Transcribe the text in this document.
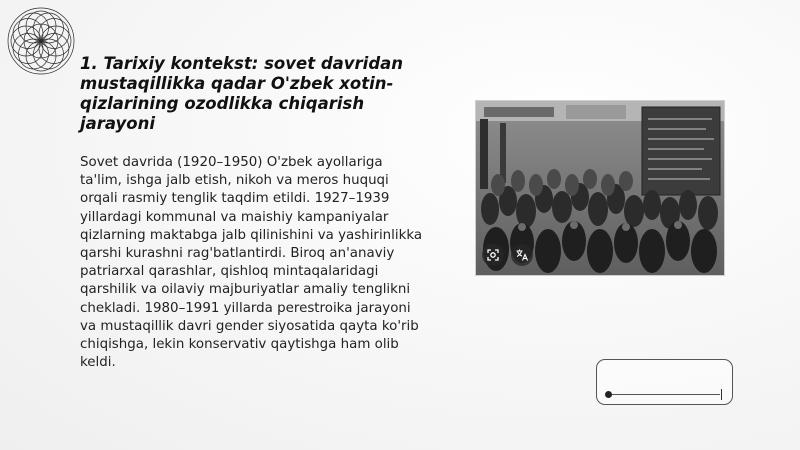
1. Tarixiy kontekst: sovet davridan mustaqillikka qadar O'zbek xotin-qizlarining ozodlikka chiqarish jarayoni

Sovet davrida (1920–1950) O'zbek ayollariga ta'lim, ishga jalb etish, nikoh va meros huquqi orqali rasmiy tenglik taqdim etildi. 1927–1939 yillardagi kommunal va maishiy kampaniyalar qizlarning maktabga jalb qilinishini va yashirinlikka qarshi kurashni rag'batlantirdi. Biroq an'anaviy patriarxal qarashlar, qishloq mintaqalaridagi qarshilik va oilaviy majburiyatlar amaliy tenglikni chekladi. 1980–1991 yillarda perestroika jarayoni va mustaqillik davri gender siyosatida qayta ko'rib chiqishga, lekin konservativ qaytishga ham olib keldi.
